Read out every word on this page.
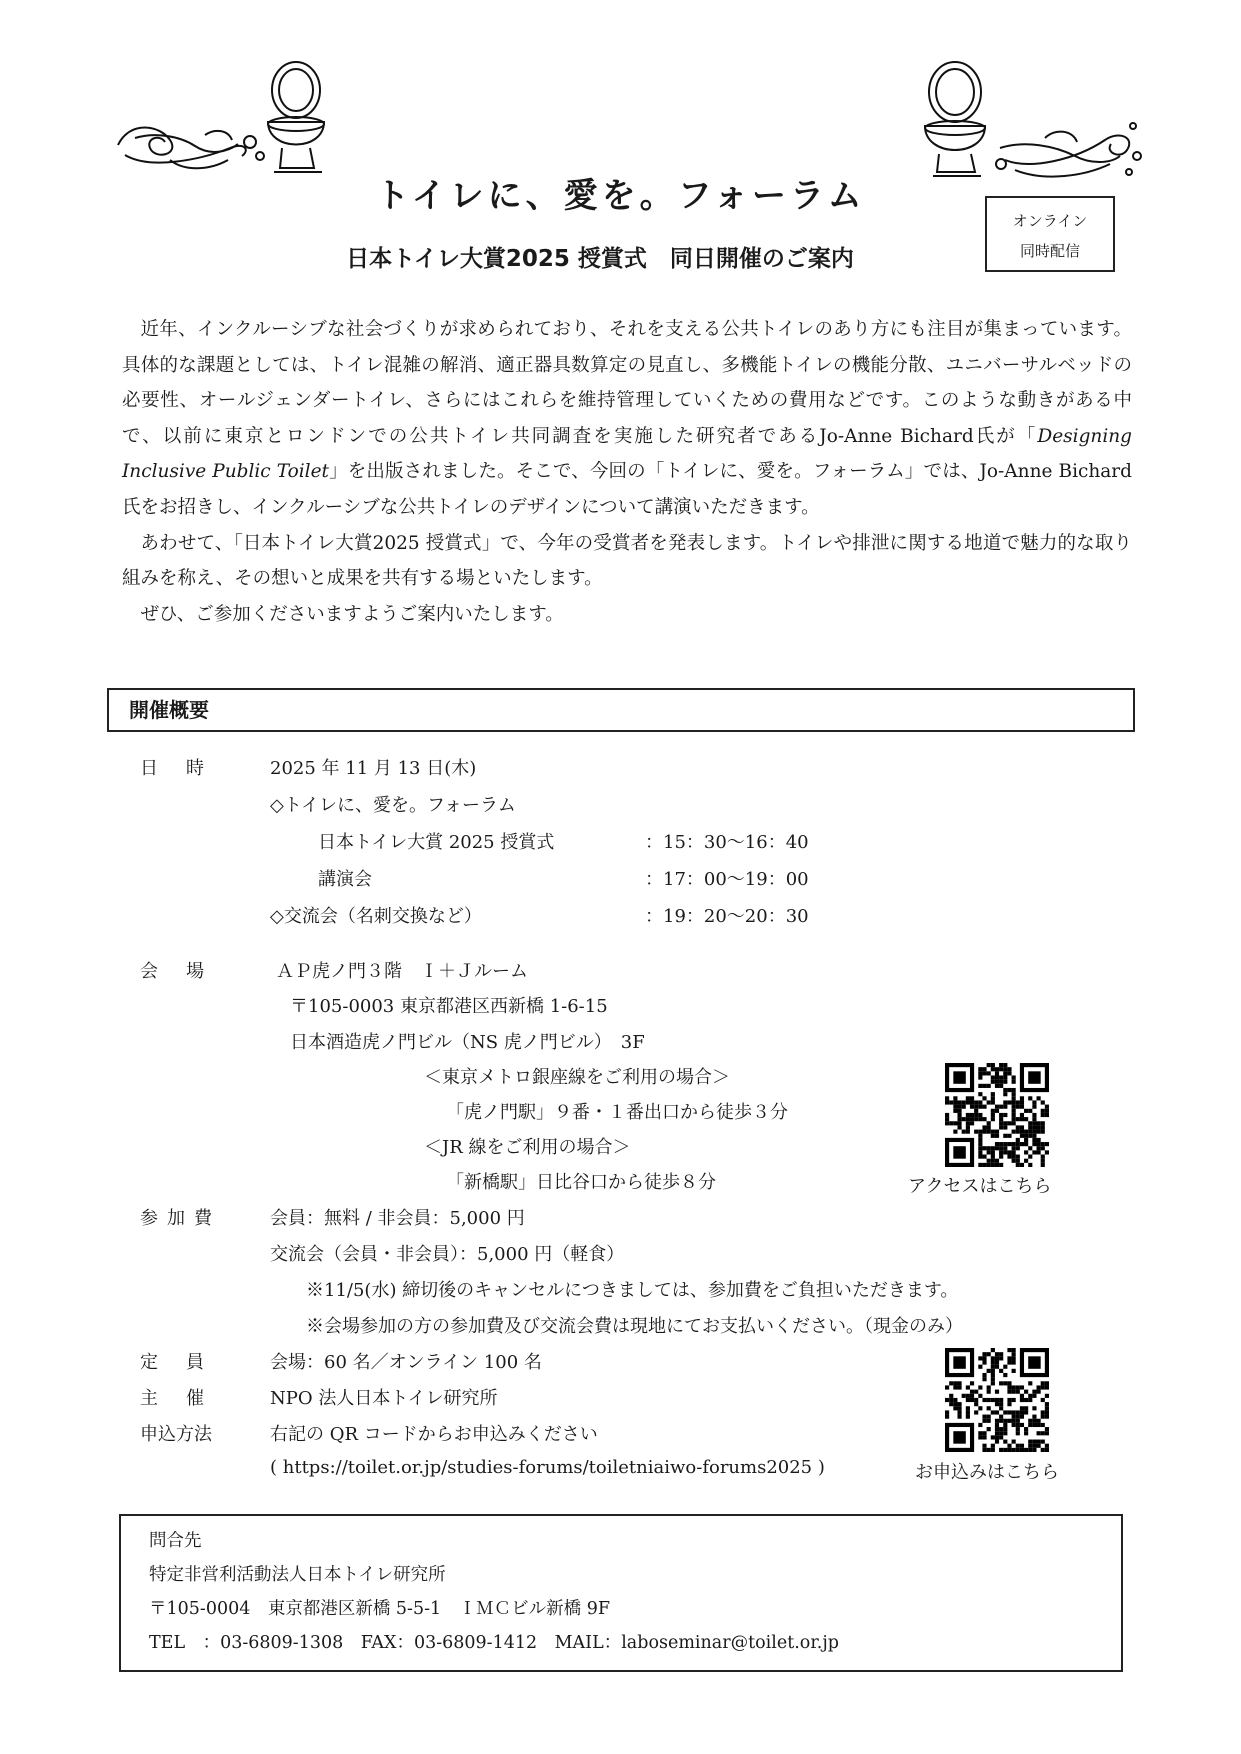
トイレに、愛を。フォーラム
日本トイレ大賞2025 授賞式　同日開催のご案内
オンライン
同時配信

近年、インクルーシブな社会づくりが求められており、それを支える公共トイレのあり方にも注目が集まっています。具体的な課題としては、トイレ混雑の解消、適正器具数算定の見直し、多機能トイレの機能分散、ユニバーサルベッドの必要性、オールジェンダートイレ、さらにはこれらを維持管理していくための費用などです。このような動きがある中で、以前に東京とロンドンでの公共トイレ共同調査を実施した研究者であるJo-Anne Bichard氏が「Designing Inclusive Public Toilet」を出版されました。そこで、今回の「トイレに、愛を。フォーラム」では、Jo-Anne Bichard氏をお招きし、インクルーシブな公共トイレのデザインについて講演いただきます。

あわせて、「日本トイレ大賞2025 授賞式」で、今年の受賞者を発表します。トイレや排泄に関する地道で魅力的な取り組みを称え、その想いと成果を共有する場といたします。

ぜひ、ご参加くださいますようご案内いたします。

開催概要
日時 2025 年 11 月 13 日(木)
◇トイレに、愛を。フォーラム
日本トイレ大賞 2025 授賞式	：15：30〜16：40
講演会	：17：00〜19：00
◇交流会（名刺交換など）	：19：20〜20：30
会場 ＡＰ虎ノ門３階　Ｉ＋Ｊルーム
〒105-0003 東京都港区西新橋 1-6-15
日本酒造虎ノ門ビル（NS 虎ノ門ビル）　3F
＜東京メトロ銀座線をご利用の場合＞
「虎ノ門駅」９番・１番出口から徒歩３分
＜JR 線をご利用の場合＞
「新橋駅」日比谷口から徒歩８分	アクセスはこちら
参加費	会員：無料 / 非会員：5,000 円
交流会（会員・非会員）：5,000 円（軽食）
※11/5(水) 締切後のキャンセルにつきましては、参加費をご負担いただきます。
※会場参加の方の参加費及び交流会費は現地にてお支払いください。（現金のみ）
定員 会場：60 名／オンライン 100 名
主催 NPO 法人日本トイレ研究所
申込方法	右記の QR コードからお申込みください
( https://toilet.or.jp/studies-forums/toiletniaiwo-forums2025 )	お申込みはこちら
問合先
特定非営利活動法人日本トイレ研究所
〒105-0004　東京都港区新橋 5-5-1　ＩＭＣビル新橋 9F
TEL　：03-6809-1308　FAX：03-6809-1412　MAIL：laboseminar@toilet.or.jp
